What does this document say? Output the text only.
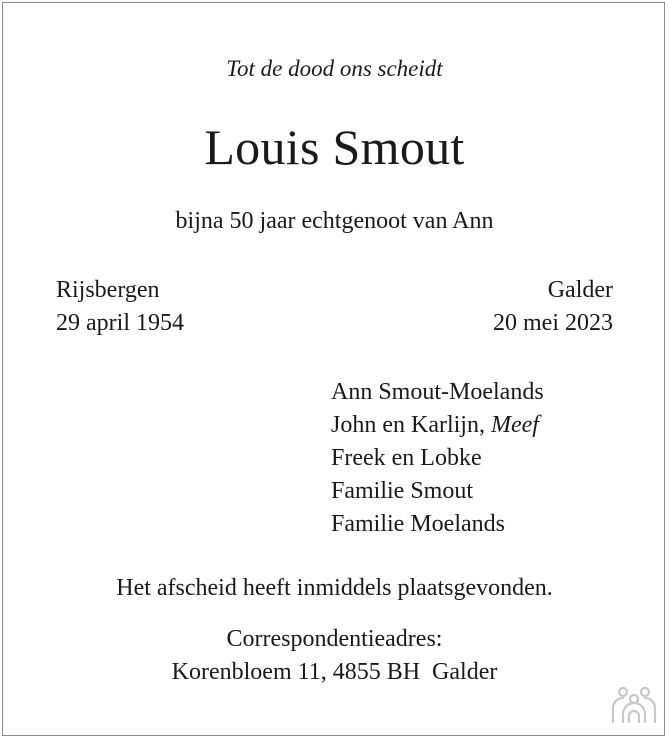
Tot de dood ons scheidt
Louis Smout
bijna 50 jaar echtgenoot van Ann
Rijsbergen
29 april 1954
Galder
20 mei 2023
Ann Smout-Moelands
John en Karlijn, Meef
Freek en Lobke
Familie Smout
Familie Moelands
Het afscheid heeft inmiddels plaatsgevonden.
Correspondentieadres:
Korenbloem 11, 4855 BH  Galder
